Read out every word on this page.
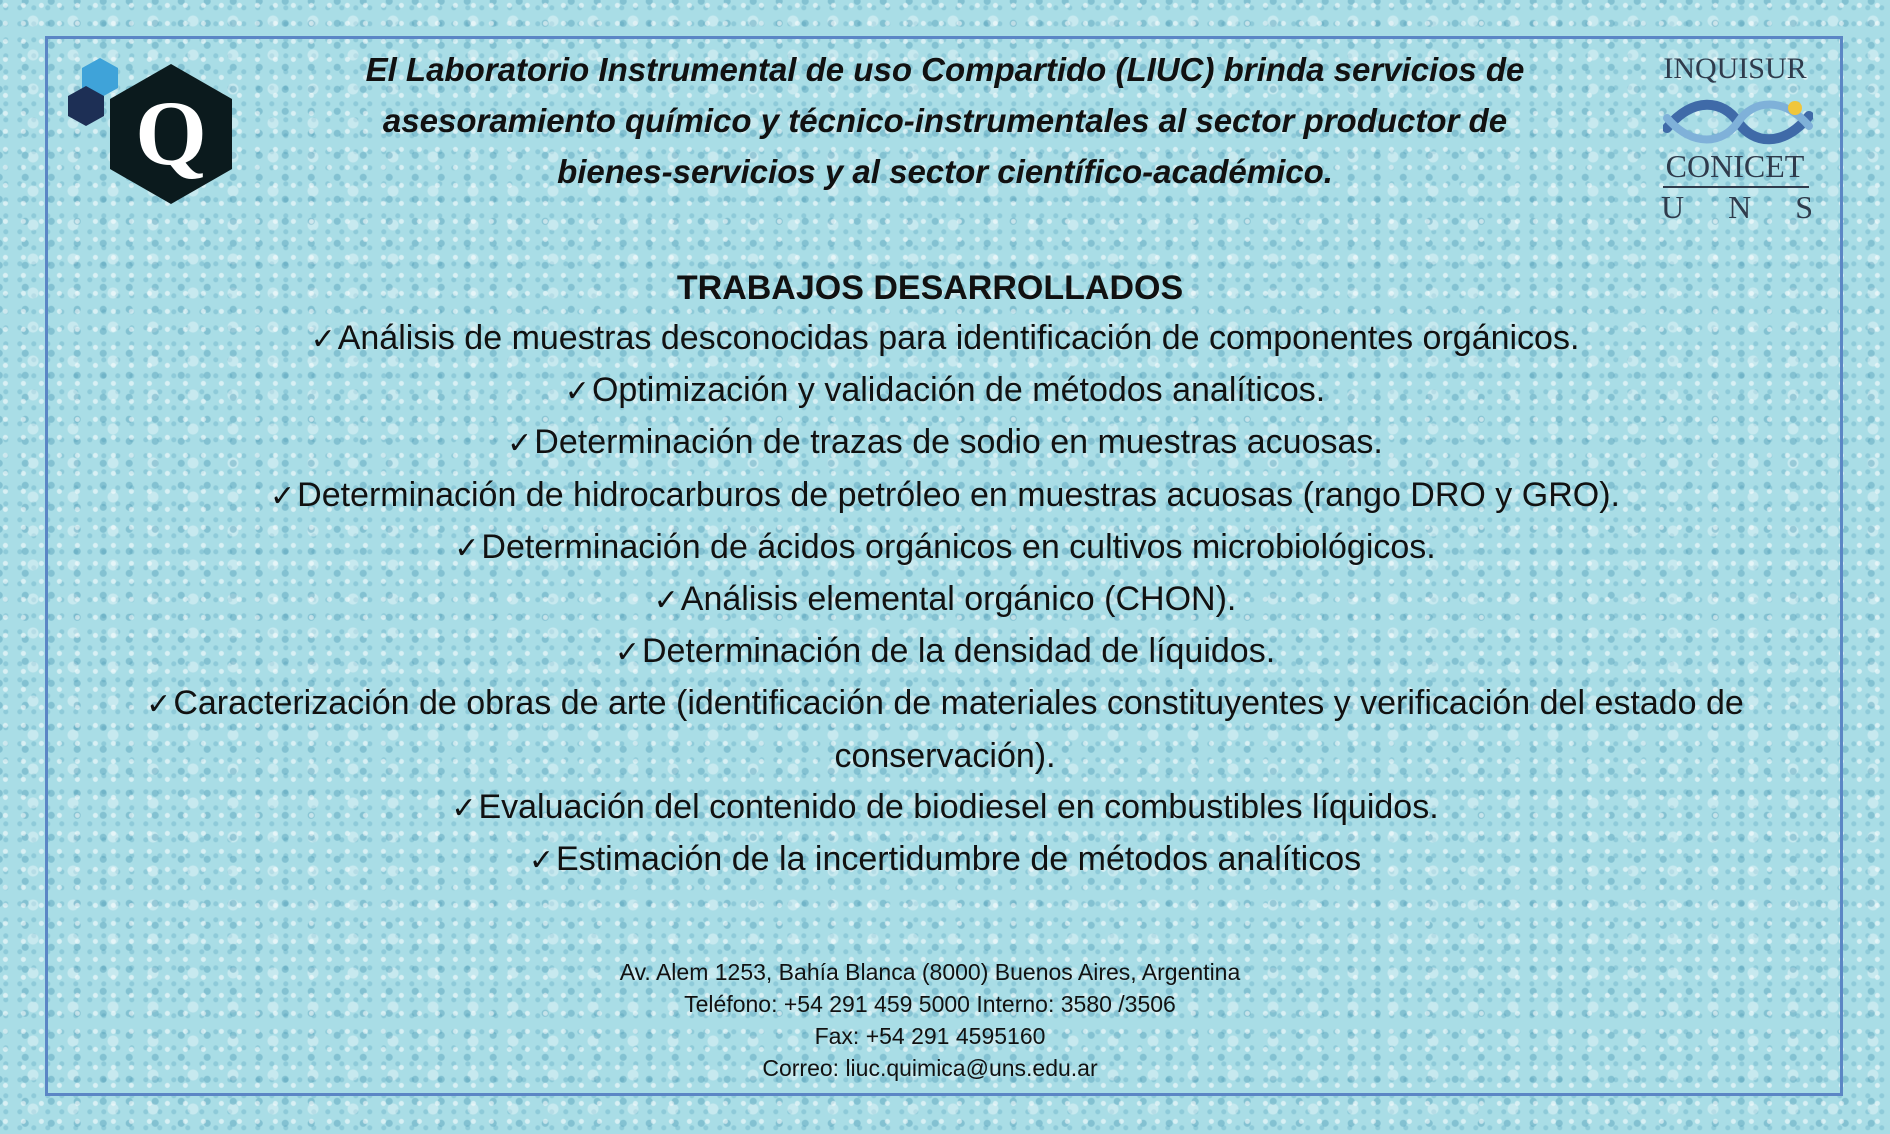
Q

El Laboratorio Instrumental de uso Compartido (LIUC) brinda servicios de
asesoramiento químico y técnico-instrumentales al sector productor de
bienes-servicios y al sector científico-académico.

INQUISUR
CONICET
U N S
TRABAJOS DESARROLLADOS
✓Análisis de muestras desconocidas para identificación de componentes orgánicos.
✓Optimización y validación de métodos analíticos.
✓Determinación de trazas de sodio en muestras acuosas.
✓Determinación de hidrocarburos de petróleo en muestras acuosas (rango DRO y GRO).
✓Determinación de ácidos orgánicos en cultivos microbiológicos.
✓Análisis elemental orgánico (CHON).
✓Determinación de la densidad de líquidos.
✓Caracterización de obras de arte (identificación de materiales constituyentes y verificación del estado de conservación).
✓Evaluación del contenido de biodiesel en combustibles líquidos.
✓Estimación de la incertidumbre de métodos analíticos
Av. Alem 1253, Bahía Blanca (8000) Buenos Aires, Argentina
Teléfono: +54 291 459 5000 Interno: 3580 /3506
Fax: +54 291 4595160
Correo: liuc.quimica@uns.edu.ar
